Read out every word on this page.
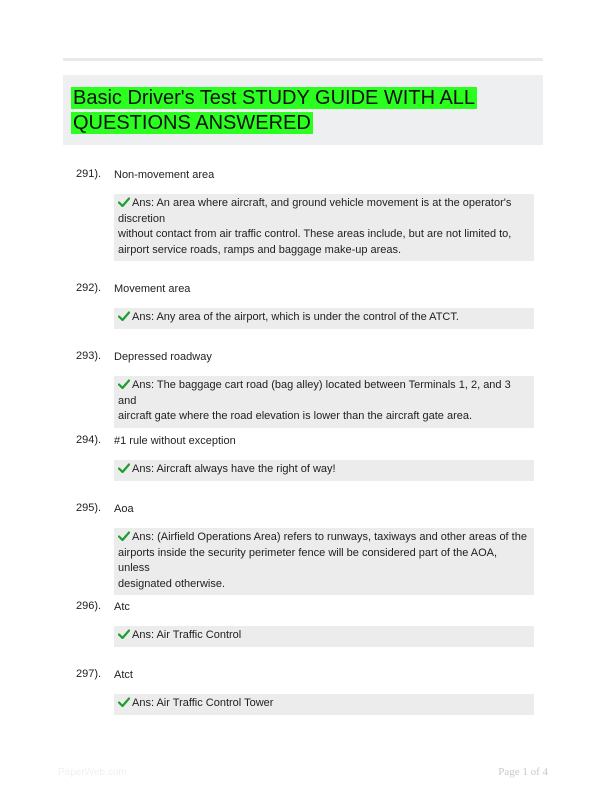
Basic Driver's Test STUDY GUIDE WITH ALL QUESTIONS ANSWERED
291). Non-movement area
Ans: An area where aircraft, and ground vehicle movement is at the operator's discretion
without contact from air traffic control. These areas include, but are not limited to,
airport service roads, ramps and baggage make-up areas.
292). Movement area
Ans: Any area of the airport, which is under the control of the ATCT.
293). Depressed roadway
Ans: The baggage cart road (bag alley) located between Terminals 1, 2, and 3 and
aircraft gate where the road elevation is lower than the aircraft gate area.
294). #1 rule without exception
Ans: Aircraft always have the right of way!
295). Aoa
Ans: (Airfield Operations Area) refers to runways, taxiways and other areas of the
airports inside the security perimeter fence will be considered part of the AOA, unless
designated otherwise.
296). Atc
Ans: Air Traffic Control
297). Atct
Ans: Air Traffic Control Tower
PaperWeb.com	Page 1 of 4
